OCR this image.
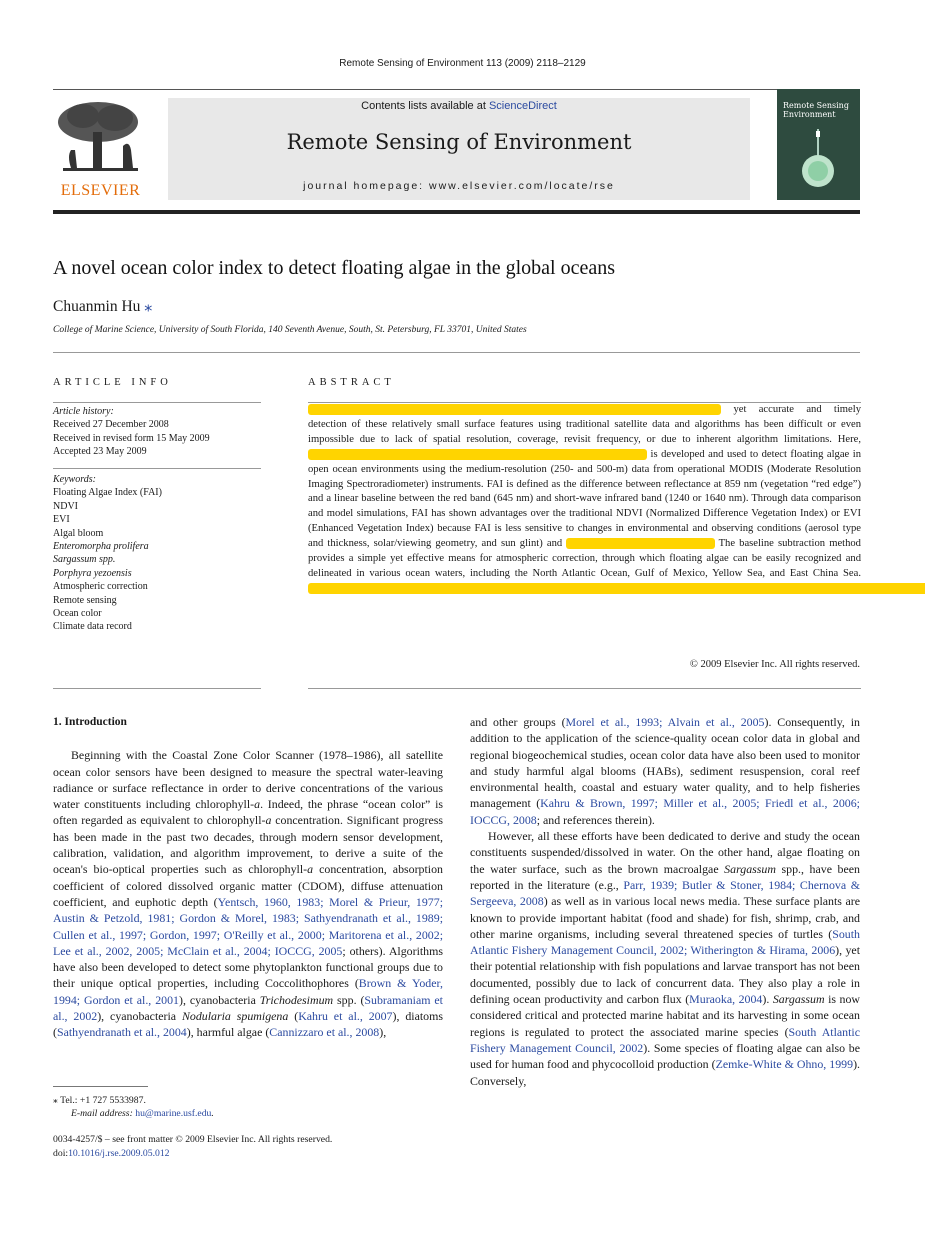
Remote Sensing of Environment 113 (2009) 2118–2129
ELSEVIER
Contents lists available at ScienceDirect
Remote Sensing of Environment
journal homepage: www.elsevier.com/locate/rse
Remote Sensing Environment
A novel ocean color index to detect floating algae in the global oceans
Chuanmin Hu ⁎
College of Marine Science, University of South Florida, 140 Seventh Avenue, South, St. Petersburg, FL 33701, United States
ARTICLE INFO
Article history:
Received 27 December 2008
Received in revised form 15 May 2009
Accepted 23 May 2009
Keywords:
Floating Algae Index (FAI)
NDVI
EVI
Algal bloom
Enteromorpha prolifera
Sargassum spp.
Porphyra yezoensis
Atmospheric correction
Remote sensing
Ocean color
Climate data record
ABSTRACT
                                                                               yet accurate and timely detection of these relatively small surface features using traditional satellite data and algorithms has been difficult or even impossible due to lack of spatial resolution, coverage, revisit frequency, or due to inherent algorithm limitations. Here,                                                                  is developed and used to detect floating algae in open ocean environments using the medium-resolution (250- and 500-m) data from operational MODIS (Moderate Resolution Imaging Spectroradiometer) instruments. FAI is defined as the difference between reflectance at 859 nm (vegetation “red edge”) and a linear baseline between the red band (645 nm) and short-wave infrared band (1240 or 1640 nm). Through data comparison and model simulations, FAI has shown advantages over the traditional NDVI (Normalized Difference Vegetation Index) or EVI (Enhanced Vegetation Index) because FAI is less sensitive to changes in environmental and observing conditions (aerosol type and thickness, solar/viewing geometry, and sun glint) and                             	The baseline subtraction method provides a simple yet effective means for atmospheric correction, through which floating algae can be easily recognized and delineated in various ocean waters, including the North Atlantic Ocean, Gulf of Mexico, Yellow Sea, and East China Sea.                                                                                                                                                                                                                                                               
© 2009 Elsevier Inc. All rights reserved.
1. Introduction

Beginning with the Coastal Zone Color Scanner (1978–1986), all satellite ocean color sensors have been designed to measure the spectral water-leaving radiance or surface reflectance in order to derive concentrations of the various water constituents including chlorophyll-a. Indeed, the phrase “ocean color” is often regarded as equivalent to chlorophyll-a concentration. Significant progress has been made in the past two decades, through modern sensor development, calibration, validation, and algorithm improvement, to derive a suite of the ocean's bio-optical properties such as chlorophyll-a concentration, absorption coefficient of colored dissolved organic matter (CDOM), diffuse attenuation coefficient, and euphotic depth (Yentsch, 1960, 1983; Morel & Prieur, 1977; Austin & Petzold, 1981; Gordon & Morel, 1983; Sathyendranath et al., 1989; Cullen et al., 1997; Gordon, 1997; O'Reilly et al., 2000; Maritorena et al., 2002; Lee et al., 2002, 2005; McClain et al., 2004; IOCCG, 2005; others). Algorithms have also been developed to detect some phytoplankton functional groups due to their unique optical properties, including Coccolithophores (Brown & Yoder, 1994; Gordon et al., 2001), cyanobacteria Trichodesimum spp. (Subramaniam et al., 2002), cyanobacteria Nodularia spumigena (Kahru et al., 2007), diatoms (Sathyendranath et al., 2004), harmful algae (Cannizzaro et al., 2008),

and other groups (Morel et al., 1993; Alvain et al., 2005). Consequently, in addition to the application of the science-quality ocean color data in global and regional biogeochemical studies, ocean color data have also been used to monitor and study harmful algal blooms (HABs), sediment resuspension, coral reef environmental health, coastal and estuary water quality, and to help fisheries management (Kahru & Brown, 1997; Miller et al., 2005; Friedl et al., 2006; IOCCG, 2008; and references therein).

However, all these efforts have been dedicated to derive and study the ocean constituents suspended/dissolved in water. On the other hand, algae floating on the water surface, such as the brown macroalgae Sargassum spp., have been reported in the literature (e.g., Parr, 1939; Butler & Stoner, 1984; Chernova & Sergeeva, 2008) as well as in various local news media. These surface plants are known to provide important habitat (food and shade) for fish, shrimp, crab, and other marine organisms, including several threatened species of turtles (South Atlantic Fishery Management Council, 2002; Witherington & Hirama, 2006), yet their potential relationship with fish populations and larvae transport has not been documented, possibly due to lack of concurrent data. They also play a role in defining ocean productivity and carbon flux (Muraoka, 2004). Sargassum is now considered critical and protected marine habitat and its harvesting in some ocean regions is regulated to protect the associated marine species (South Atlantic Fishery Management Council, 2002). Some species of floating algae can also be used for human food and phycocolloid production (Zemke-White & Ohno, 1999). Conversely,

⁎ Tel.: +1 727 5533987.
E-mail address: hu@marine.usf.edu.
0034-4257/$ – see front matter © 2009 Elsevier Inc. All rights reserved.
doi:10.1016/j.rse.2009.05.012
